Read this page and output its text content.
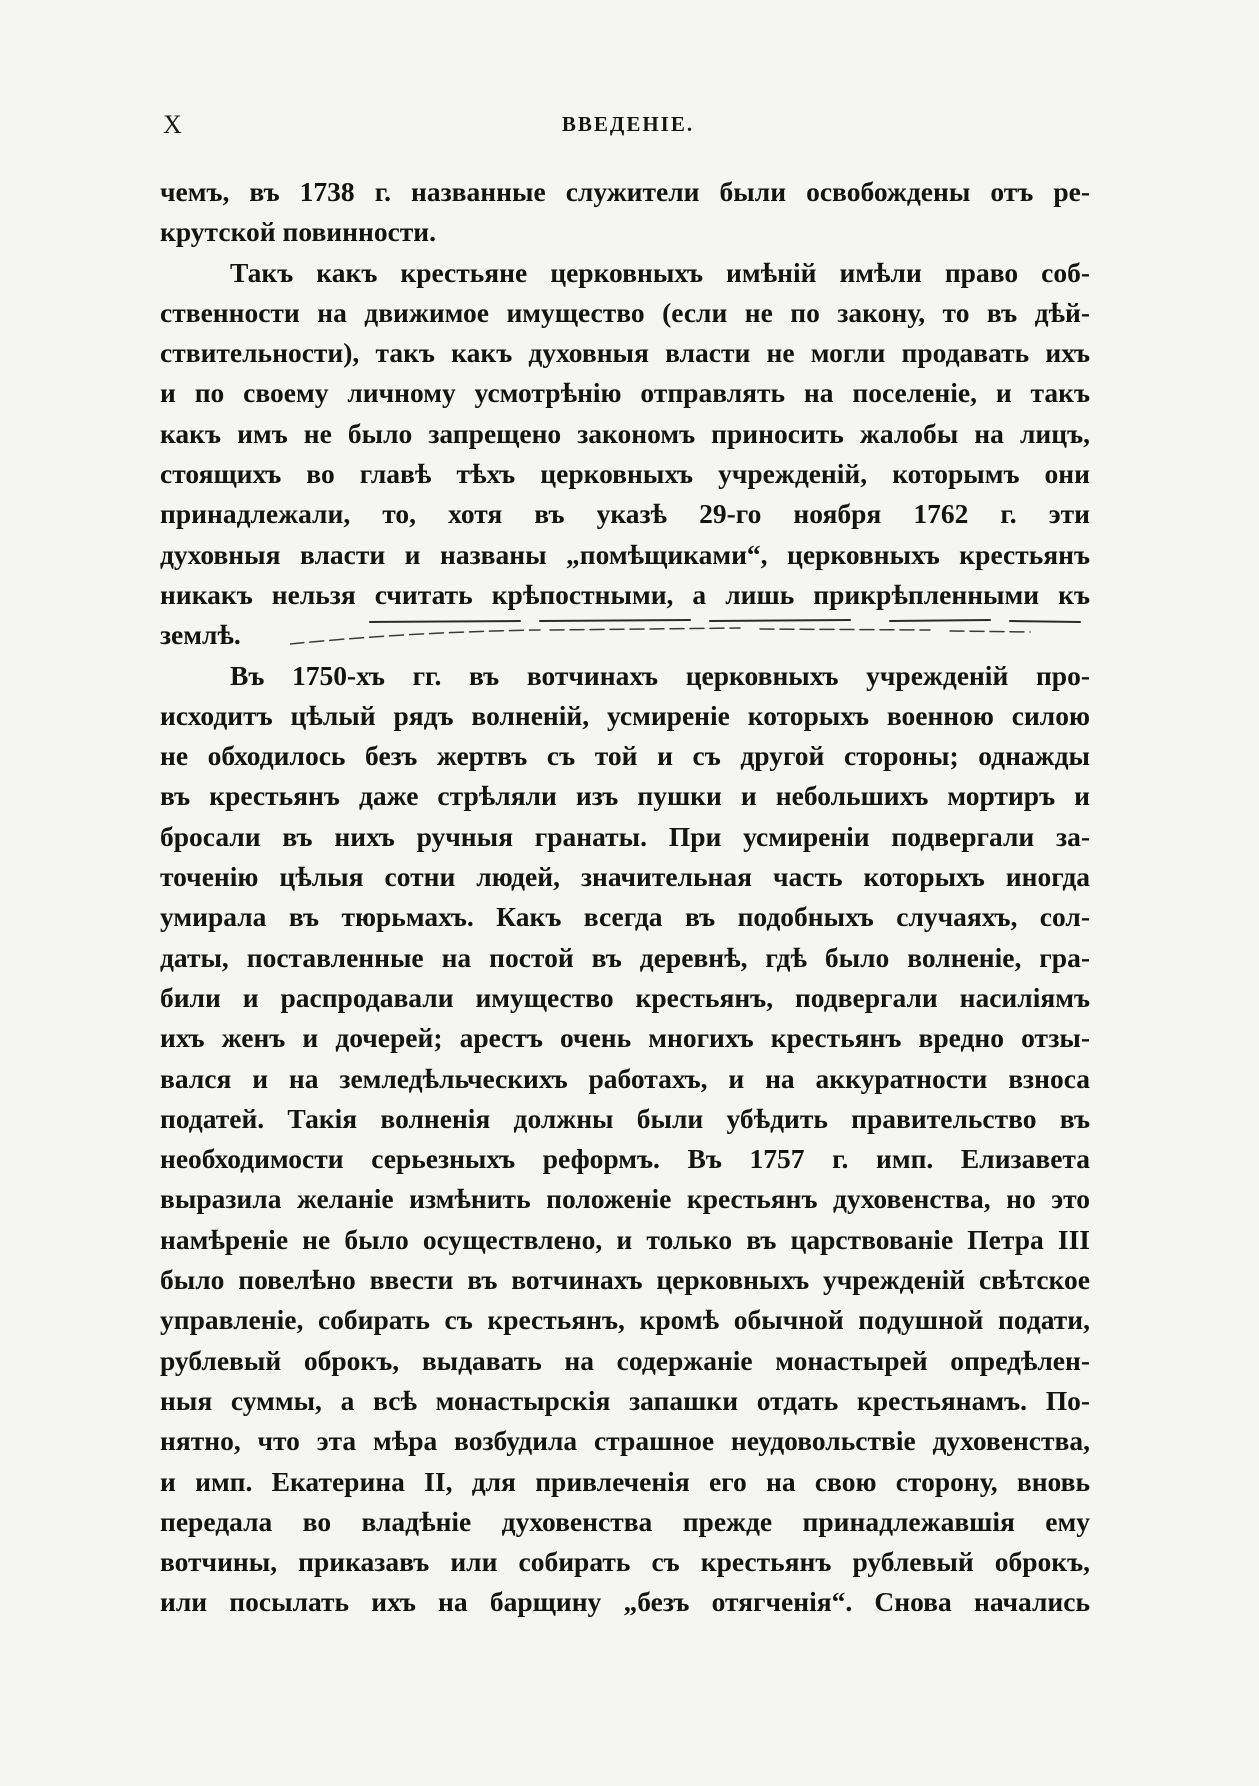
X	ВВЕДЕНІЕ.
чемъ, въ 1738 г. названные служители были освобождены отъ ре-
крутской повинности.
Такъ какъ крестьяне церковныхъ имѣній имѣли право соб-
ственности на движимое имущество (если не по закону, то въ дѣй-
ствительности), такъ какъ духовныя власти не могли продавать ихъ
и по своему личному усмотрѣнію отправлять на поселеніе, и такъ
какъ имъ не было запрещено закономъ приносить жалобы на лицъ,
стоящихъ во главѣ тѣхъ церковныхъ учрежденій, которымъ они
принадлежали, то, хотя въ указѣ 29-го ноября 1762 г. эти
духовныя власти и названы „помѣщиками“, церковныхъ крестьянъ
никакъ нельзя считать крѣпостными, а лишь прикрѣпленными къ
землѣ.
Въ 1750-хъ гг. въ вотчинахъ церковныхъ учрежденій про-
исходитъ цѣлый рядъ волненій, усмиреніе которыхъ военною силою
не обходилось безъ жертвъ съ той и съ другой стороны; однажды
въ крестьянъ даже стрѣляли изъ пушки и небольшихъ мортиръ и
бросали въ нихъ ручныя гранаты. При усмиреніи подвергали за-
точенію цѣлыя сотни людей, значительная часть которыхъ иногда
умирала въ тюрьмахъ. Какъ всегда въ подобныхъ случаяхъ, сол-
даты, поставленные на постой въ деревнѣ, гдѣ было волненіе, гра-
били и распродавали имущество крестьянъ, подвергали насиліямъ
ихъ женъ и дочерей; арестъ очень многихъ крестьянъ вредно отзы-
вался и на земледѣльческихъ работахъ, и на аккуратности взноса
податей. Такія волненія должны были убѣдить правительство въ
необходимости серьезныхъ реформъ. Въ 1757 г. имп. Елизавета
выразила желаніе измѣнить положеніе крестьянъ духовенства, но это
намѣреніе не было осуществлено, и только въ царствованіе Петра III
было повелѣно ввести въ вотчинахъ церковныхъ учрежденій свѣтское
управленіе, собирать съ крестьянъ, кромѣ обычной подушной подати,
рублевый оброкъ, выдавать на содержаніе монастырей опредѣлен-
ныя суммы, а всѣ монастырскія запашки отдать крестьянамъ. По-
нятно, что эта мѣра возбудила страшное неудовольствіе духовенства,
и имп. Екатерина II, для привлеченія его на свою сторону, вновь
передала во владѣніе духовенства прежде принадлежавшія ему
вотчины, приказавъ или собирать съ крестьянъ рублевый оброкъ,
или посылать ихъ на барщину „безъ отягченія“. Снова начались
